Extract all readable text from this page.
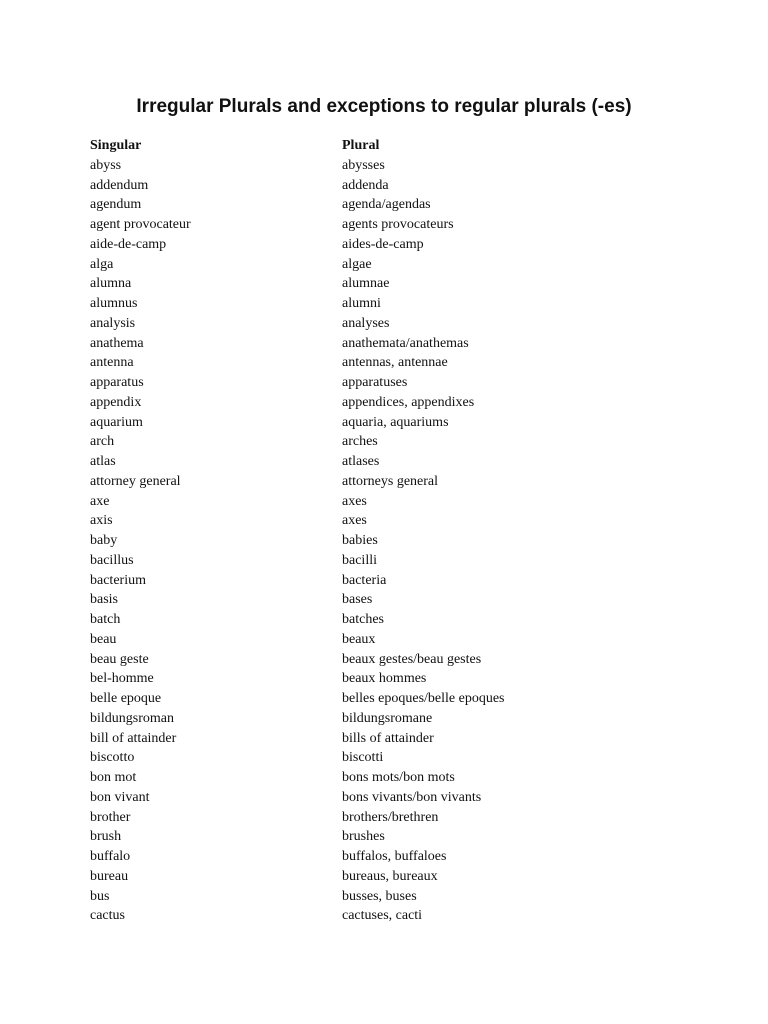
Irregular Plurals and exceptions to regular plurals (-es)
Singular	Plural
abyss	abysses
addendum	addenda
agendum	agenda/agendas
agent provocateur	agents provocateurs
aide-de-camp	aides-de-camp
alga	algae
alumna	alumnae
alumnus	alumni
analysis	analyses
anathema	anathemata/anathemas
antenna	antennas, antennae
apparatus	apparatuses
appendix	appendices, appendixes
aquarium	aquaria, aquariums
arch	arches
atlas	atlases
attorney general	attorneys general
axe	axes
axis	axes
baby	babies
bacillus	bacilli
bacterium	bacteria
basis	bases
batch	batches
beau	beaux
beau geste	beaux gestes/beau gestes
bel-homme	beaux hommes
belle epoque	belles epoques/belle epoques
bildungsroman	bildungsromane
bill of attainder	bills of attainder
biscotto	biscotti
bon mot	bons mots/bon mots
bon vivant	bons vivants/bon vivants
brother	brothers/brethren
brush	brushes
buffalo	buffalos, buffaloes
bureau	bureaus, bureaux
bus	busses, buses
cactus	cactuses, cacti
